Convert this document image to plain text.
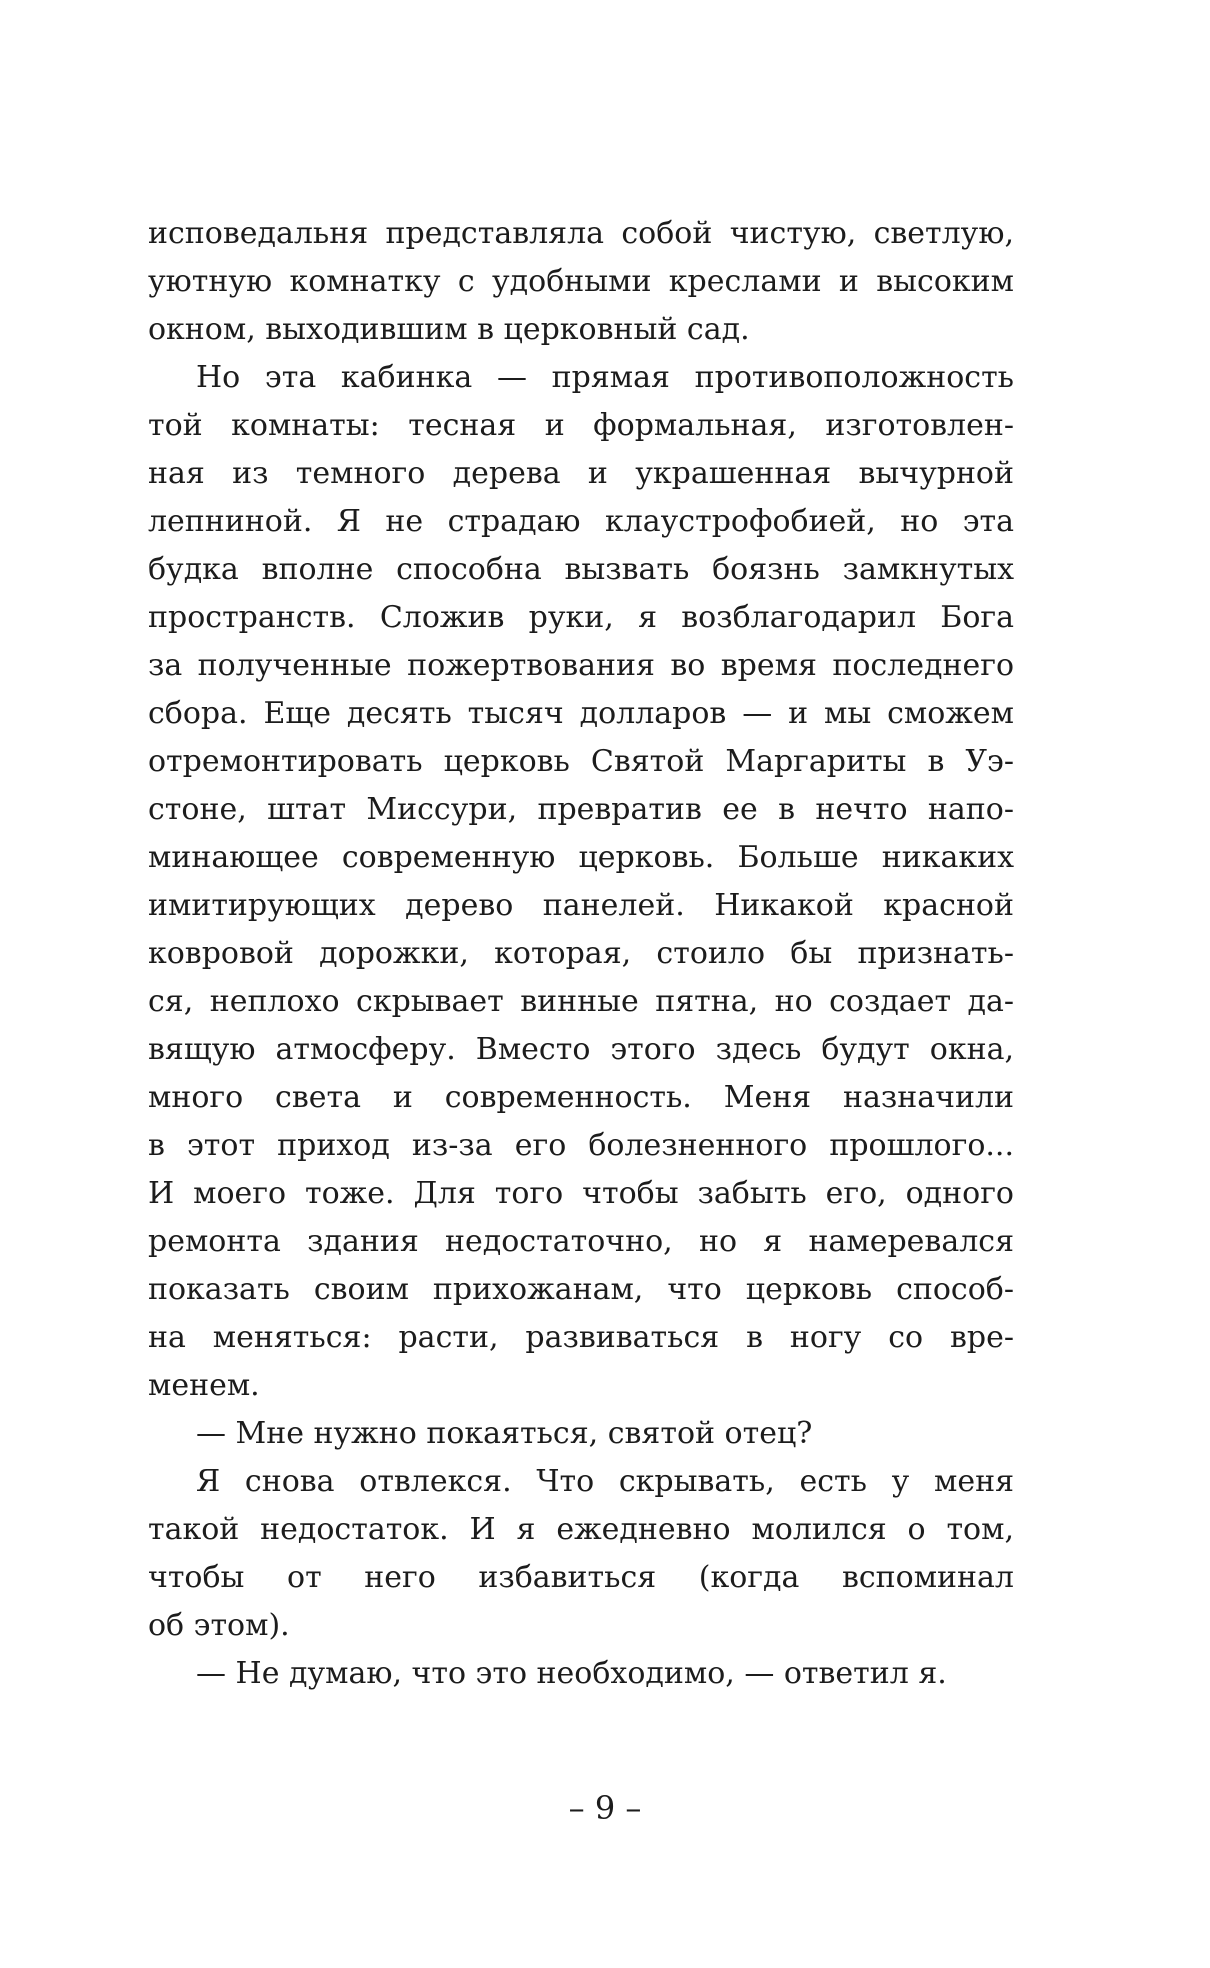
исповедальня представляла собой чистую, светлую,
уютную комнатку с удобными креслами и высоким
окном, выходившим в церковный сад.
Но эта кабинка — прямая противоположность
той комнаты: тесная и формальная, изготовлен-
ная из темного дерева и украшенная вычурной
лепниной. Я не страдаю клаустрофобией, но эта
будка вполне способна вызвать боязнь замкнутых
пространств. Сложив руки, я возблагодарил Бога
за полученные пожертвования во время последнего
сбора. Еще десять тысяч долларов — и мы сможем
отремонтировать церковь Святой Маргариты в Уэ-
стоне, штат Миссури, превратив ее в нечто напо-
минающее современную церковь. Больше никаких
имитирующих дерево панелей. Никакой красной
ковровой дорожки, которая, стоило бы признать-
ся, неплохо скрывает винные пятна, но создает да-
вящую атмосферу. Вместо этого здесь будут окна,
много света и современность. Меня назначили
в этот приход из-за его болезненного прошлого...
И моего тоже. Для того чтобы забыть его, одного
ремонта здания недостаточно, но я намеревался
показать своим прихожанам, что церковь способ-
на меняться: расти, развиваться в ногу со вре-
менем.
— Мне нужно покаяться, святой отец?
Я снова отвлекся. Что скрывать, есть у меня
такой недостаток. И я ежедневно молился о том,
чтобы от него избавиться (когда вспоминал
об этом).
— Не думаю, что это необходимо, — ответил я.
– 9 –
